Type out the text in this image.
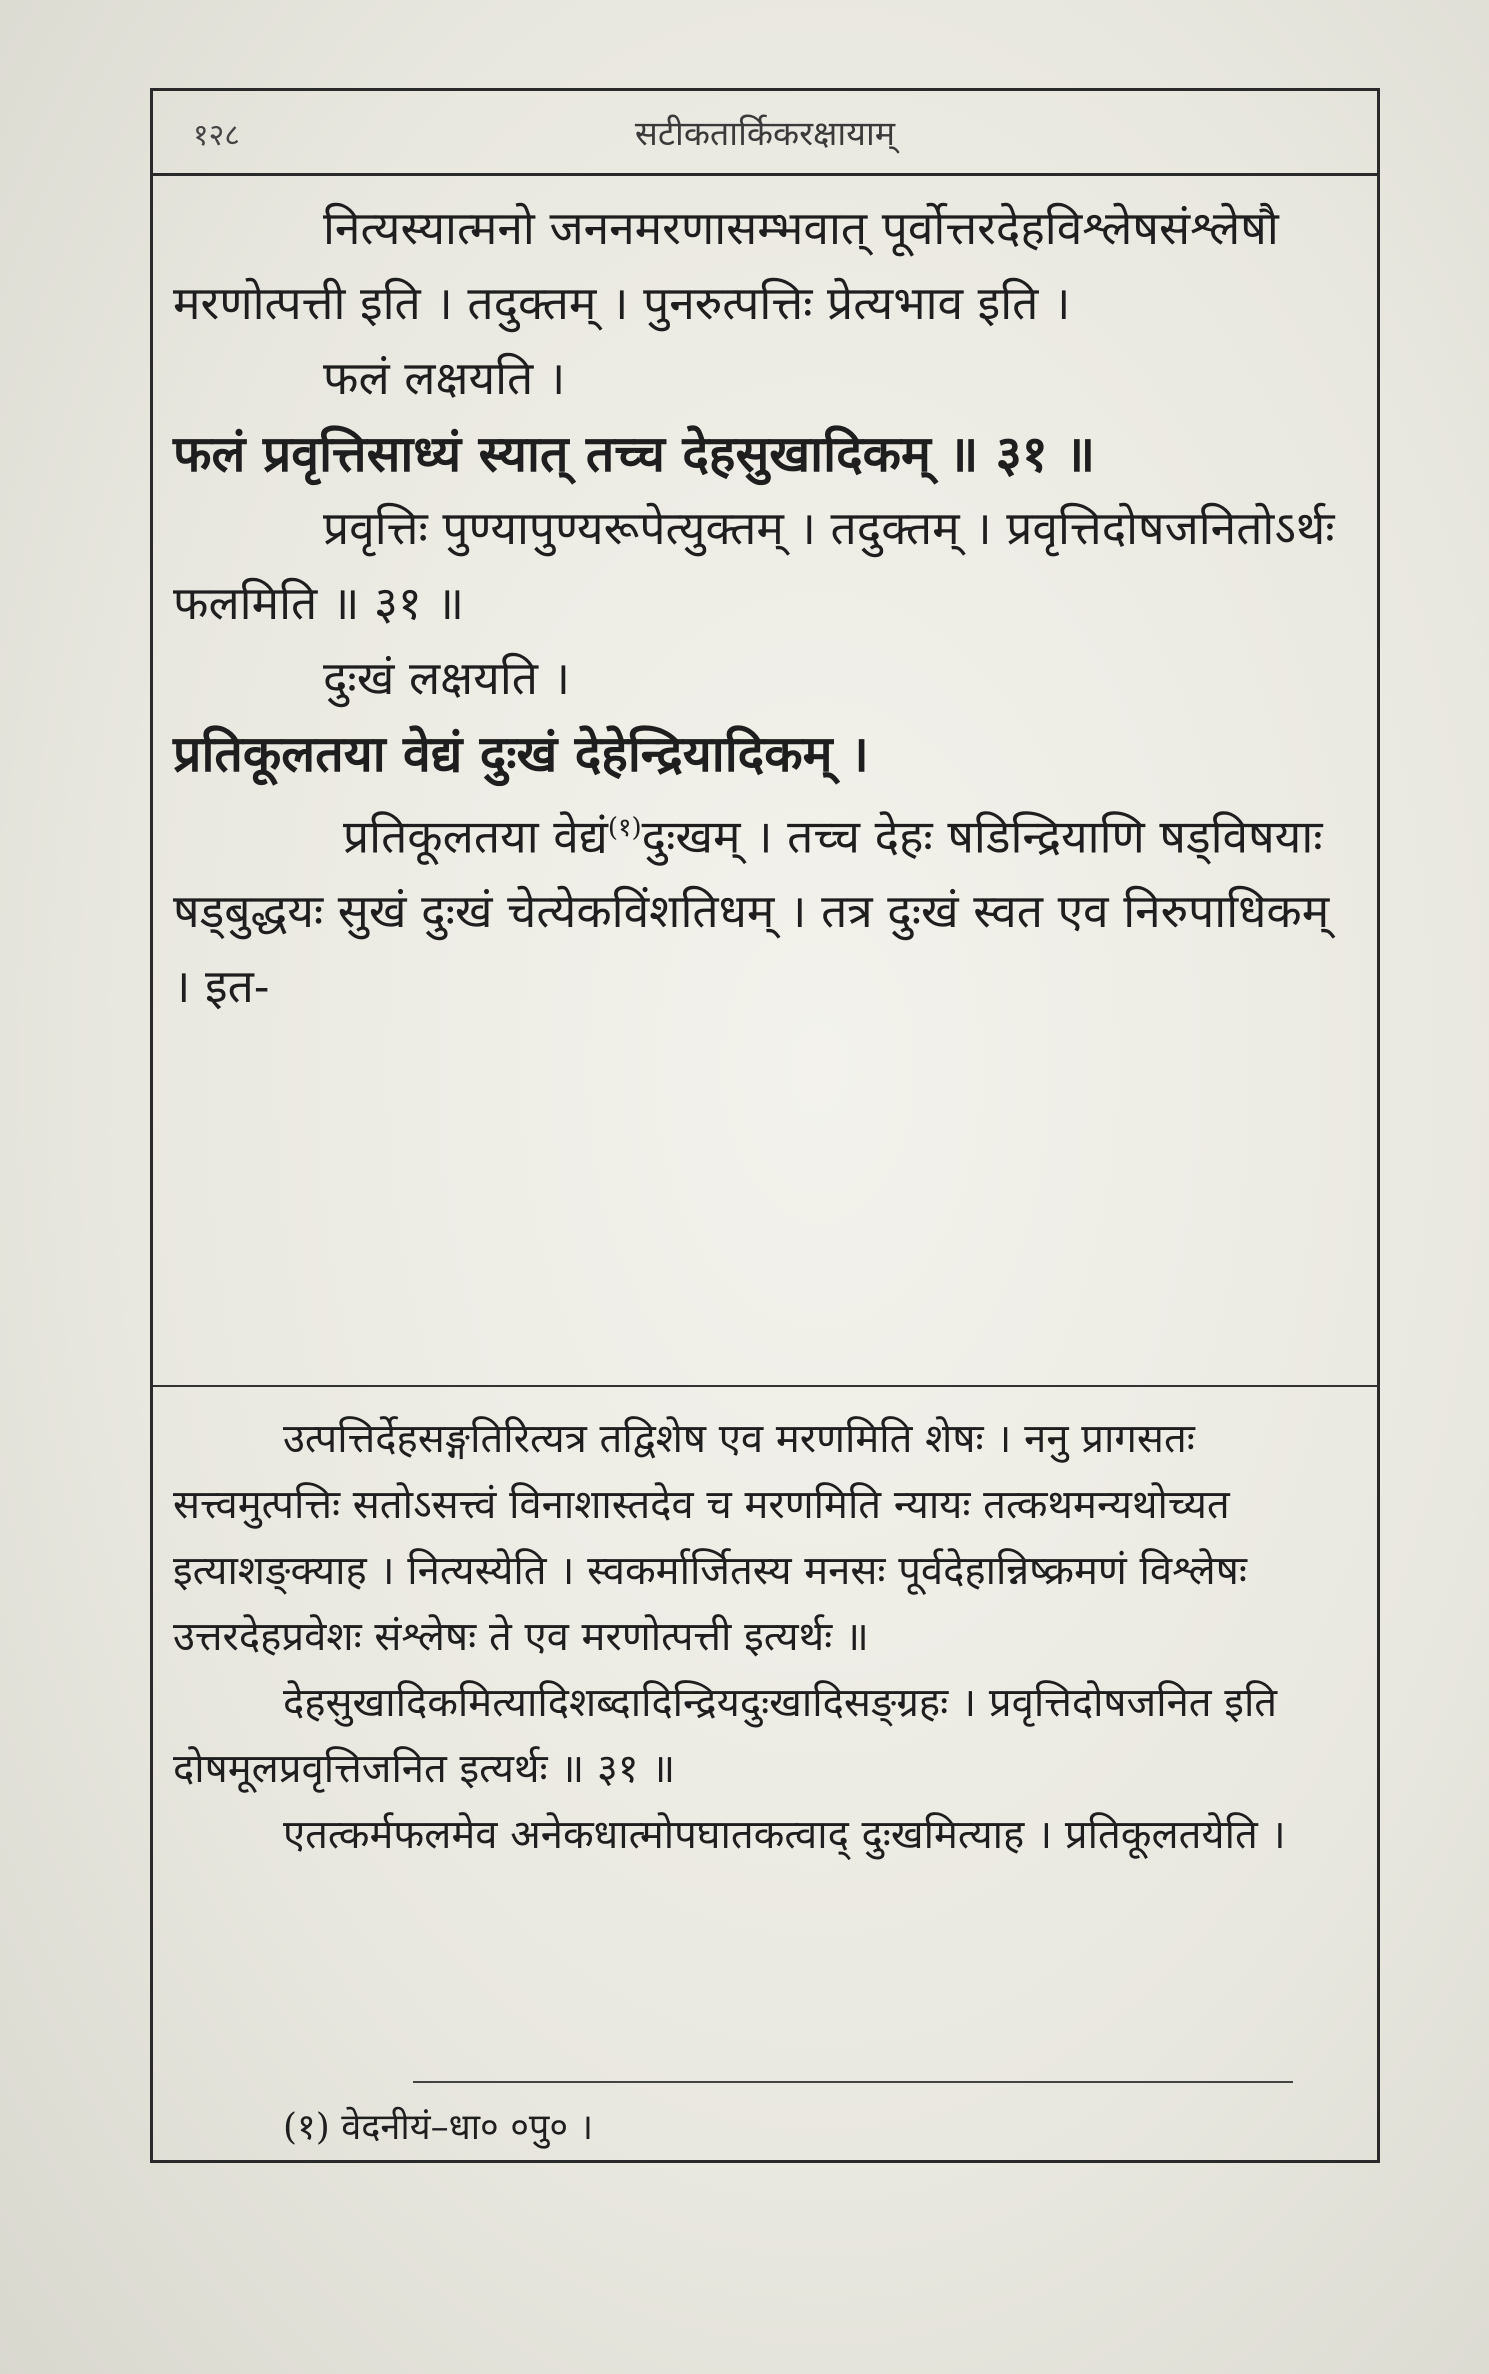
१२८	सटीकतार्किकरक्षायाम्

नित्यस्यात्मनो जननमरणासम्भवात् पूर्वोत्तरदेहविश्लेषसंश्लेषौ मरणोत्पत्ती इति । तदुक्तम् । पुनरुत्पत्तिः प्रेत्यभाव इति ।

फलं लक्षयति ।

फलं प्रवृत्तिसाध्यं स्यात् तच्च देहसुखादिकम् ॥ ३१ ॥

प्रवृत्तिः पुण्यापुण्यरूपेत्युक्तम् । तदुक्तम् । प्रवृत्तिदोषजनितोऽर्थः फलमिति ॥ ३१ ॥

दुःखं लक्षयति ।

प्रतिकूलतया वेद्यं दुःखं देहेन्द्रियादिकम् ।

प्रतिकूलतया वेद्यं$^{(१)}$दुःखम् । तच्च देहः षडिन्द्रियाणि षड्विषयाः षड्बुद्धयः सुखं दुःखं चेत्येकविंशतिधम् । तत्र दुःखं स्वत एव निरुपाधिकम् । इत-

उत्पत्तिर्देहसङ्गतिरित्यत्र तद्विशेष एव मरणमिति शेषः । ननु प्रागसतः सत्त्वमुत्पत्तिः सतोऽसत्त्वं विनाशास्तदेव च मरणमिति न्यायः तत्कथमन्यथोच्यत इत्याशङ्क्याह । नित्यस्येति । स्वकर्मार्जितस्य मनसः पूर्वदेहान्निष्क्रमणं विश्लेषः उत्तरदेहप्रवेशः संश्लेषः ते एव मरणोत्पत्ती इत्यर्थः ॥

देहसुखादिकमित्यादिशब्दादिन्द्रियदुःखादिसङ्ग्रहः । प्रवृत्तिदोषजनित इति दोषमूलप्रवृत्तिजनित इत्यर्थः ॥ ३१ ॥

एतत्कर्मफलमेव अनेकधात्मोपघातकत्वाद् दुःखमित्याह । प्रतिकूलतयेति ।

(१) वेदनीयं–धा० ०पु० ।
